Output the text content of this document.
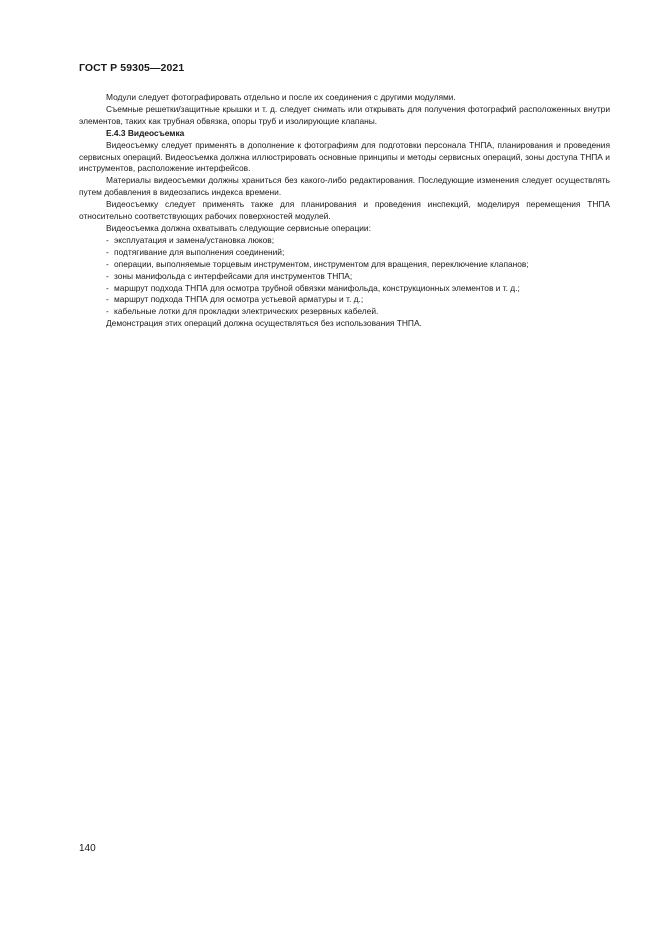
ГОСТ Р 59305—2021

Модули следует фотографировать отдельно и после их соединения с другими модулями.

Съемные решетки/защитные крышки и т. д. следует снимать или открывать для получения фотографий расположенных внутри элементов, таких как трубная обвязка, опоры труб и изолирующие клапаны.

Е.4.3 Видеосъемка

Видеосъемку следует применять в дополнение к фотографиям для подготовки персонала ТНПА, планирования и проведения сервисных операций. Видеосъемка должна иллюстрировать основные принципы и методы сервисных операций, зоны доступа ТНПА и инструментов, расположение интерфейсов.

Материалы видеосъемки должны храниться без какого-либо редактирования. Последующие изменения следует осуществлять путем добавления в видеозапись индекса времени.

Видеосъемку следует применять также для планирования и проведения инспекций, моделируя перемещения ТНПА относительно соответствующих рабочих поверхностей модулей.

Видеосъемка должна охватывать следующие сервисные операции:

- эксплуатация и замена/установка люков;
- подтягивание для выполнения соединений;
- операции, выполняемые торцевым инструментом, инструментом для вращения, переключение клапанов;
- зоны манифольда с интерфейсами для инструментов ТНПА;
- маршрут подхода ТНПА для осмотра трубной обвязки манифольда, конструкционных элементов и т. д.;
- маршрут подхода ТНПА для осмотра устьевой арматуры и т. д.;
- кабельные лотки для прокладки электрических резервных кабелей.

Демонстрация этих операций должна осуществляться без использования ТНПА.

140
